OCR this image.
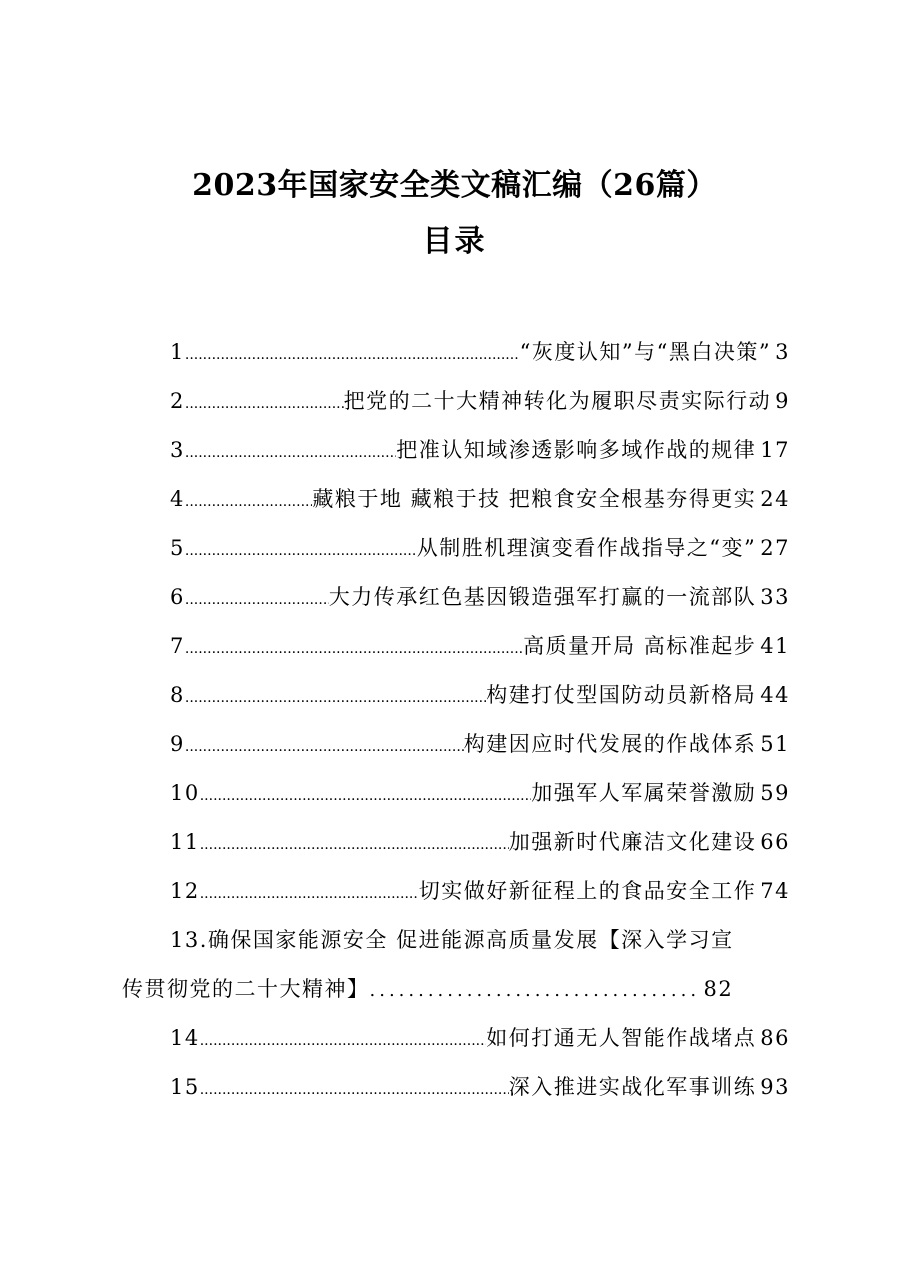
2023年国家安全类文稿汇编（26篇）
目录
1 .....	“灰度认知”与“黑白决策” 3
2 .....	把党的二十大精神转化为履职尽责实际行动 9
3 .....	把准认知域渗透影响多域作战的规律 17
4 .....	藏粮于地 藏粮于技 把粮食安全根基夯得更实 24
5 .....	从制胜机理演变看作战指导之“变” 27
6 .....	大力传承红色基因锻造强军打赢的一流部队 33
7 .....	高质量开局 高标准起步 41
8 .....	构建打仗型国防动员新格局 44
9 .....	构建因应时代发展的作战体系 51
10 .....	加强军人军属荣誉激励 59
11 .....	加强新时代廉洁文化建设 66
12 .....	切实做好新征程上的食品安全工作 74
13.确保国家能源安全 促进能源高质量发展【深入学习宣
传贯彻党的二十大精神】 .....	82
14 .....	如何打通无人智能作战堵点 86
15 .....	深入推进实战化军事训练 93
